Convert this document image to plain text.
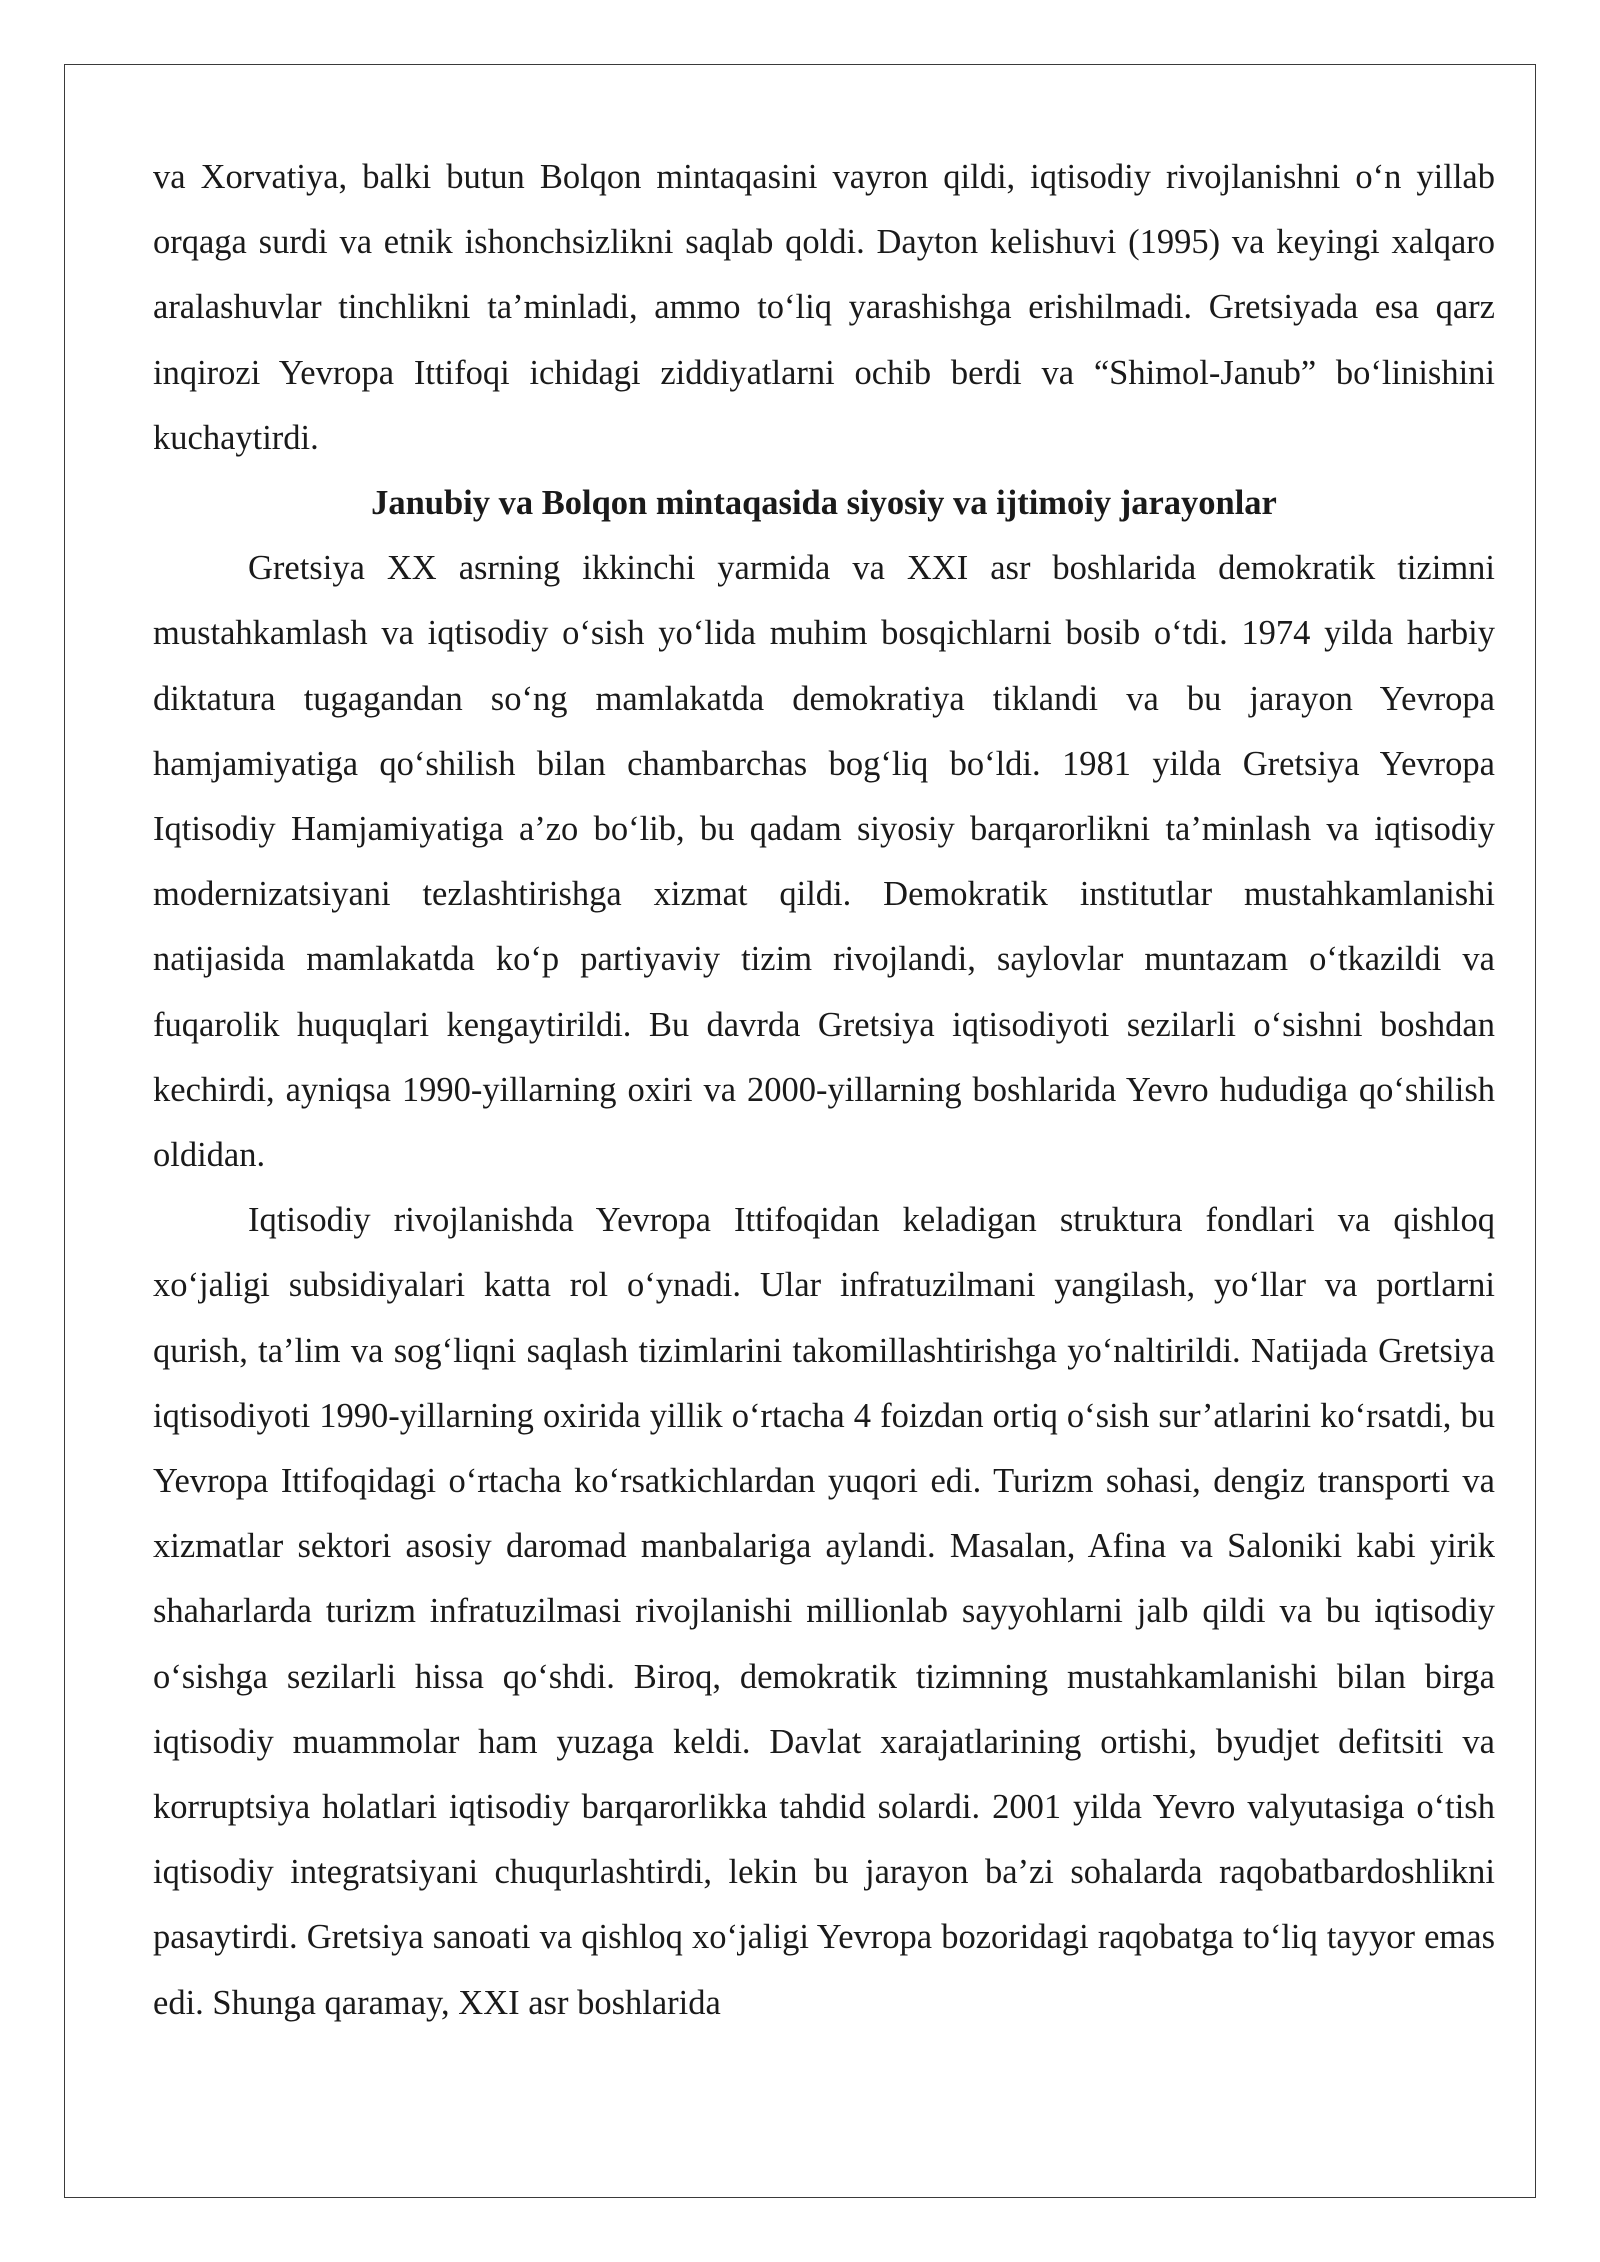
va Xorvatiya, balki butun Bolqon mintaqasini vayron qildi, iqtisodiy rivojlanishni o‘n yillab orqaga surdi va etnik ishonchsizlikni saqlab qoldi. Dayton kelishuvi (1995) va keyingi xalqaro aralashuvlar tinchlikni ta’minladi, ammo to‘liq yarashishga erishilmadi. Gretsiyada esa qarz inqirozi Yevropa Ittifoqi ichidagi ziddiyatlarni ochib berdi va “Shimol-Janub” bo‘linishini kuchaytirdi.

Janubiy va Bolqon mintaqasida siyosiy va ijtimoiy jarayonlar

Gretsiya XX asrning ikkinchi yarmida va XXI asr boshlarida demokratik tizimni mustahkamlash va iqtisodiy o‘sish yo‘lida muhim bosqichlarni bosib o‘tdi. 1974 yilda harbiy diktatura tugagandan so‘ng mamlakatda demokratiya tiklandi va bu jarayon Yevropa hamjamiyatiga qo‘shilish bilan chambarchas bog‘liq bo‘ldi. 1981 yilda Gretsiya Yevropa Iqtisodiy Hamjamiyatiga a’zo bo‘lib, bu qadam siyosiy barqarorlikni ta’minlash va iqtisodiy modernizatsiyani tezlashtirishga xizmat qildi. Demokratik institutlar mustahkamlanishi natijasida mamlakatda ko‘p partiyaviy tizim rivojlandi, saylovlar muntazam o‘tkazildi va fuqarolik huquqlari kengaytirildi. Bu davrda Gretsiya iqtisodiyoti sezilarli o‘sishni boshdan kechirdi, ayniqsa 1990-yillarning oxiri va 2000-yillarning boshlarida Yevro hududiga qo‘shilish oldidan.

Iqtisodiy rivojlanishda Yevropa Ittifoqidan keladigan struktura fondlari va qishloq xo‘jaligi subsidiyalari katta rol o‘ynadi. Ular infratuzilmani yangilash, yo‘llar va portlarni qurish, ta’lim va sog‘liqni saqlash tizimlarini takomillashtirishga yo‘naltirildi. Natijada Gretsiya iqtisodiyoti 1990-yillarning oxirida yillik o‘rtacha 4 foizdan ortiq o‘sish sur’atlarini ko‘rsatdi, bu Yevropa Ittifoqidagi o‘rtacha ko‘rsatkichlardan yuqori edi. Turizm sohasi, dengiz transporti va xizmatlar sektori asosiy daromad manbalariga aylandi. Masalan, Afina va Saloniki kabi yirik shaharlarda turizm infratuzilmasi rivojlanishi millionlab sayyohlarni jalb qildi va bu iqtisodiy o‘sishga sezilarli hissa qo‘shdi. Biroq, demokratik tizimning mustahkamlanishi bilan birga iqtisodiy muammolar ham yuzaga keldi. Davlat xarajatlarining ortishi, byudjet defitsiti va korruptsiya holatlari iqtisodiy barqarorlikka tahdid solardi. 2001 yilda Yevro valyutasiga o‘tish iqtisodiy integratsiyani chuqurlashtirdi, lekin bu jarayon ba’zi sohalarda raqobatbardoshlikni pasaytirdi. Gretsiya sanoati va qishloq xo‘jaligi Yevropa bozoridagi raqobatga to‘liq tayyor emas edi. Shunga qaramay, XXI asr boshlarida
